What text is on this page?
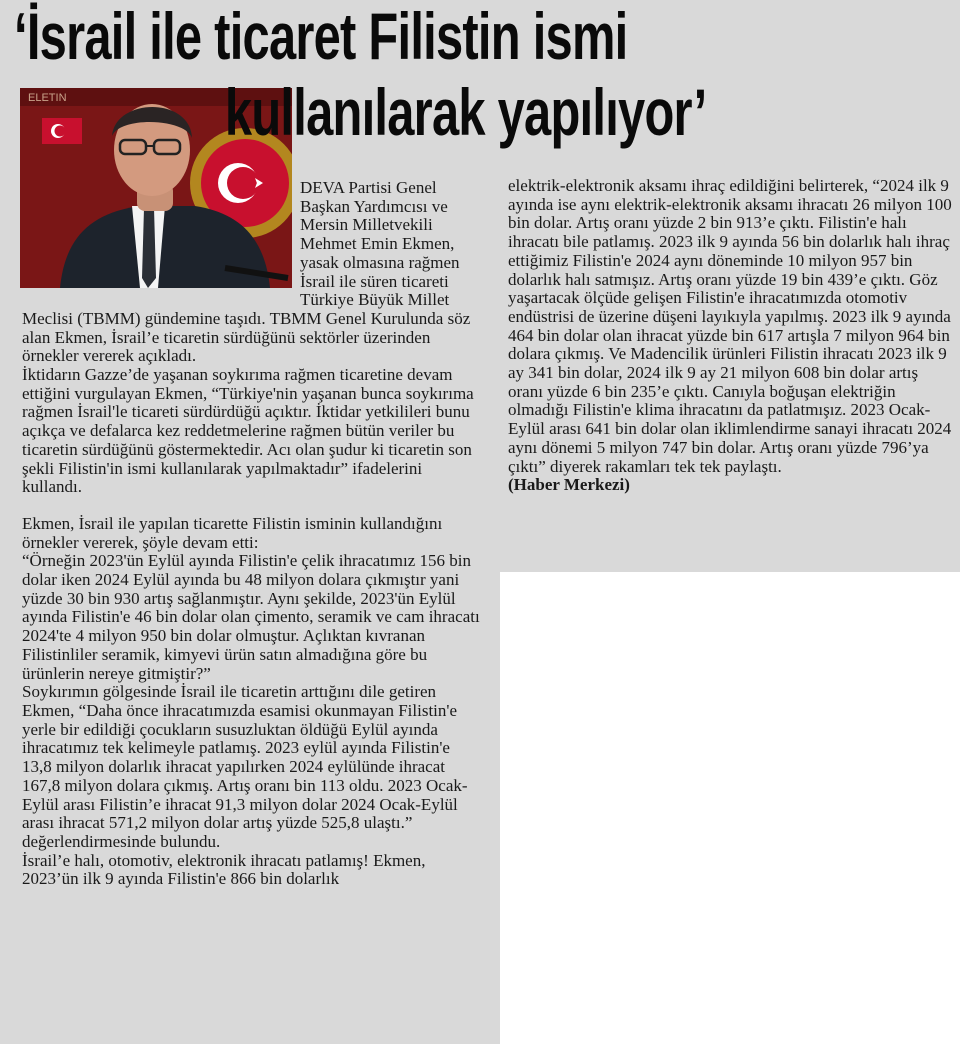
ELETIN
‘İsrail ile ticaret Filistin ismi
kullanılarak yapılıyor’

DEVA Partisi Genel Başkan Yardımcısı ve Mersin Milletvekili Mehmet Emin Ekmen, yasak olmasına rağmen İsrail ile süren ticareti Türkiye Büyük Millet Meclisi (TBMM) gündemine taşıdı. TBMM Genel Kurulunda söz alan Ekmen, İsrail’e ticaretin sürdüğünü sektörler üzerinden örnekler vererek açıkladı.

İktidarın Gazze’de yaşanan soykırıma rağmen ticaretine devam ettiğini vurgulayan Ekmen, “Türkiye'nin yaşanan bunca soykırıma rağmen İsrail'le ticareti sürdürdüğü açıktır. İktidar yetkilileri bunu açıkça ve defalarca kez reddetmelerine rağmen bütün veriler bu ticaretin sürdüğünü göstermektedir. Acı olan şudur ki ticaretin son şekli Filistin'in ismi kullanılarak yapılmaktadır” ifadelerini kullandı.

Ekmen, İsrail ile yapılan ticarette Filistin isminin kullandığını örnekler vererek, şöyle devam etti:

“Örneğin 2023'ün Eylül ayında Filistin'e çelik ihracatımız 156 bin dolar iken 2024 Eylül ayında bu 48 milyon dolara çıkmıştır yani yüzde 30 bin 930 artış sağlanmıştır. Aynı şekilde, 2023'ün Eylül ayında Filistin'e 46 bin dolar olan çimento, seramik ve cam ihracatı 2024'te 4 milyon 950 bin dolar olmuştur. Açlıktan kıvranan Filistinliler seramik, kimyevi ürün satın almadığına göre bu ürünlerin nereye gitmiştir?”

Soykırımın gölgesinde İsrail ile ticaretin arttığını dile getiren Ekmen, “Daha önce ihracatımızda esamisi okunmayan Filistin'e yerle bir edildiği çocukların susuzluktan öldüğü Eylül ayında ihracatımız tek kelimeyle patlamış. 2023 eylül ayında Filistin'e 13,8 milyon dolarlık ihracat yapılırken 2024 eylülünde ihracat 167,8 milyon dolara çıkmış. Artış oranı bin 113 oldu. 2023 Ocak-Eylül arası Filistin’e ihracat 91,3 milyon dolar 2024 Ocak-Eylül arası ihracat 571,2 milyon dolar artış yüzde 525,8 ulaştı.” değerlendirmesinde bulundu.

İsrail’e halı, otomotiv, elektronik ihracatı patlamış! Ekmen, 2023’ün ilk 9 ayında Filistin'e 866 bin dolarlık

elektrik-elektronik aksamı ihraç edildiğini belirterek, “2024 ilk 9 ayında ise aynı elektrik-elektronik aksamı ihracatı 26 milyon 100 bin dolar. Artış oranı yüzde 2 bin 913’e çıktı. Filistin'e halı ihracatı bile patlamış. 2023 ilk 9 ayında 56 bin dolarlık halı ihraç ettiğimiz Filistin'e 2024 aynı döneminde 10 milyon 957 bin dolarlık halı satmışız. Artış oranı yüzde 19 bin 439’e çıktı. Göz yaşartacak ölçüde gelişen Filistin'e ihracatımızda otomotiv endüstrisi de üzerine düşeni layıkıyla yapılmış. 2023 ilk 9 ayında 464 bin dolar olan ihracat yüzde bin 617 artışla 7 milyon 964 bin dolara çıkmış. Ve Madencilik ürünleri Filistin ihracatı 2023 ilk 9 ay 341 bin dolar, 2024 ilk 9 ay 21 milyon 608 bin dolar artış oranı yüzde 6 bin 235’e çıktı. Canıyla boğuşan elektriğin olmadığı Filistin'e klima ihracatını da patlatmışız. 2023 Ocak-Eylül arası 641 bin dolar olan iklimlendirme sanayi ihracatı 2024 aynı dönemi 5 milyon 747 bin dolar. Artış oranı yüzde 796’ya çıktı” diyerek rakamları tek tek paylaştı.
(Haber Merkezi)
